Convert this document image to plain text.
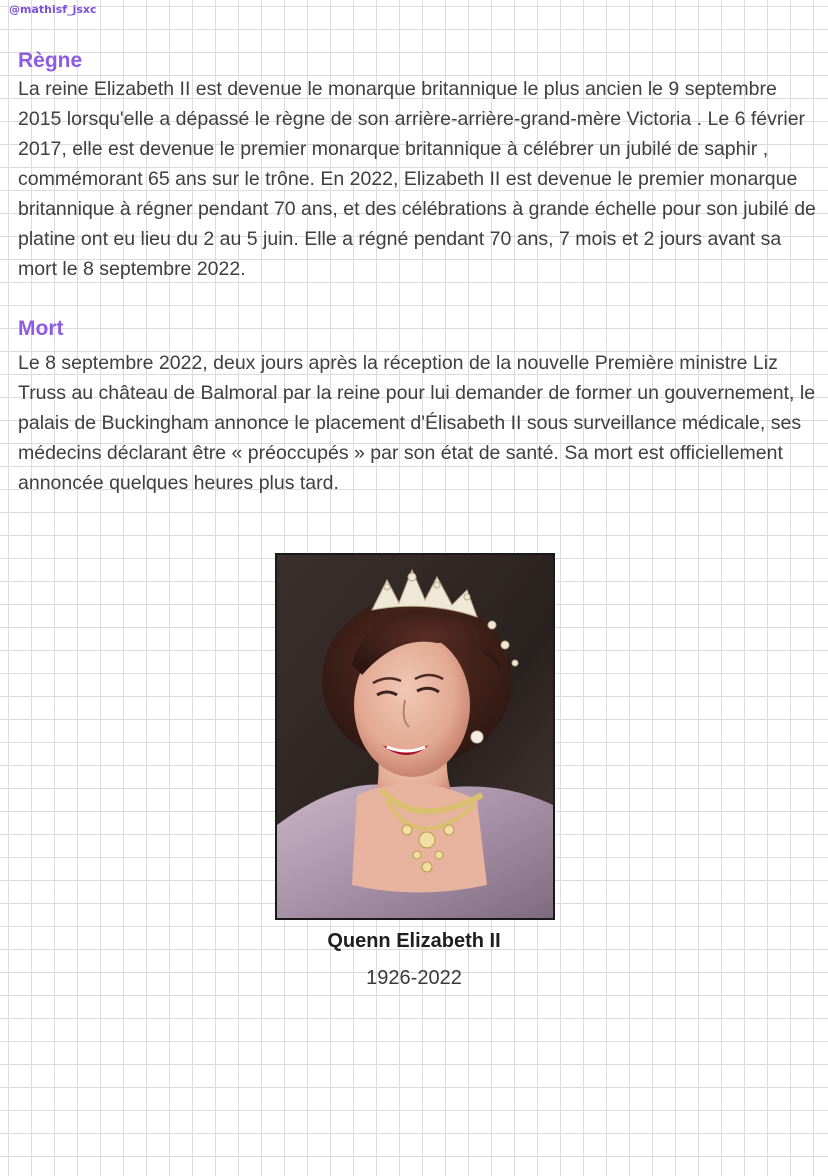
@mathisf_jsxc
Règne

La reine Elizabeth II est devenue le monarque britannique le plus ancien le 9 septembre 2015 lorsqu'elle a dépassé le règne de son arrière-arrière-grand-mère Victoria . Le 6 février 2017, elle est devenue le premier monarque britannique à célébrer un jubilé de saphir , commémorant 65 ans sur le trône. En 2022, Elizabeth II est devenue le premier monarque britannique à régner pendant 70 ans, et des célébrations à grande échelle pour son jubilé de platine ont eu lieu du 2 au 5 juin. Elle a régné pendant 70 ans, 7 mois et 2 jours avant sa mort le 8 septembre 2022.

Mort

Le 8 septembre 2022, deux jours après la réception de la nouvelle Première ministre Liz Truss au château de Balmoral par la reine pour lui demander de former un gouvernement, le palais de Buckingham annonce le placement d'Élisabeth II sous surveillance médicale, ses médecins déclarant être « préoccupés » par son état de santé. Sa mort est officiellement annoncée quelques heures plus tard.

Quenn Elizabeth II
1926-2022
